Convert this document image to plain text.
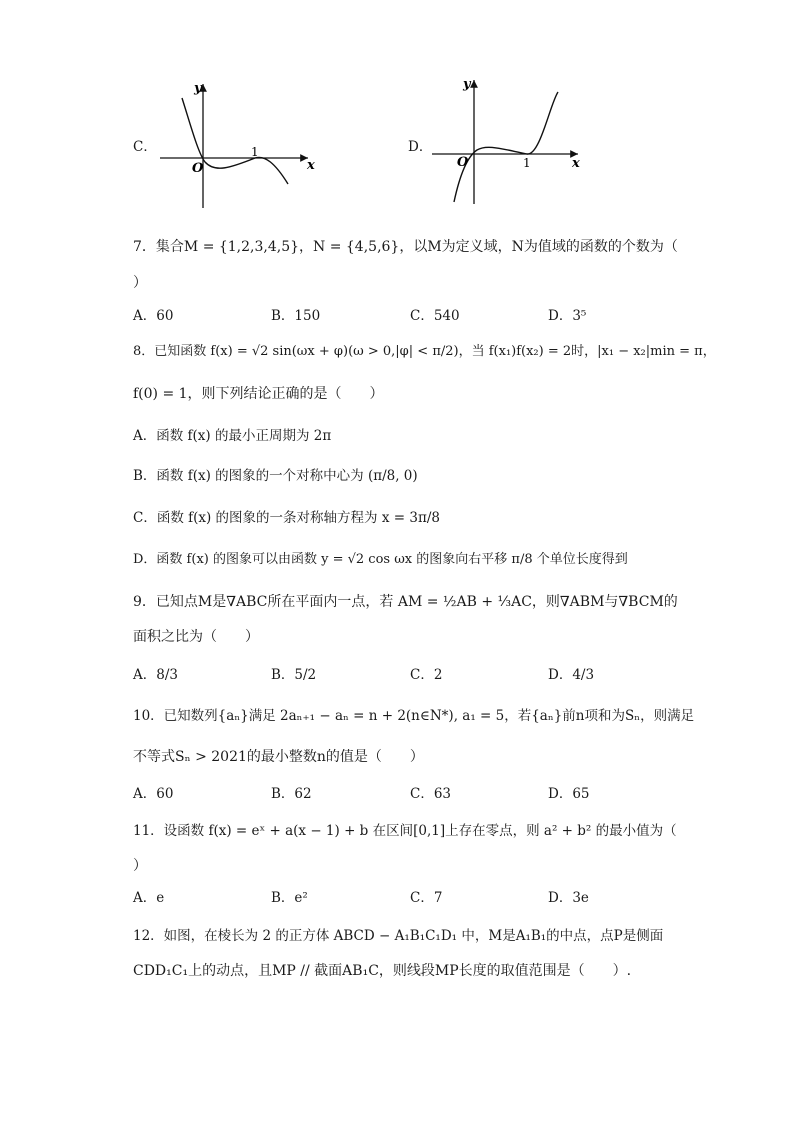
C．
y
x
O
1	D．
y
x
O	1
7．集合M = {1,2,3,4,5}，N = {4,5,6}，以M为定义域，N为值域的函数的个数为（
）
A．60	B．150	C．540	D．3⁵
8．已知函数 f(x) = √2 sin(ωx + φ)(ω > 0,|φ| < π/2)，当 f(x₁)f(x₂) = 2时，|x₁ − x₂|min = π，
f(0) = 1，则下列结论正确的是（　　）
A．函数 f(x) 的最小正周期为 2π
B．函数 f(x) 的图象的一个对称中心为 (π/8, 0)
C．函数 f(x) 的图象的一条对称轴方程为 x = 3π/8
D．函数 f(x) 的图象可以由函数 y = √2 cos ωx 的图象向右平移 π/8 个单位长度得到
9．已知点M是∇ABC所在平面内一点，若 AM = ½AB + ⅓AC，则∇ABM与∇BCM的
面积之比为（　　）
A．8/3	B．5/2	C．2	D．4/3
10．已知数列{aₙ}满足 2aₙ₊₁ − aₙ = n + 2(n∈N*), a₁ = 5，若{aₙ}前n项和为Sₙ，则满足
不等式Sₙ > 2021的最小整数n的值是（　　）
A．60	B．62	C．63	D．65
11．设函数 f(x) = eˣ + a(x − 1) + b 在区间[0,1]上存在零点，则 a² + b² 的最小值为（
）
A．e	B．e²	C．7	D．3e
12．如图，在棱长为 2 的正方体 ABCD − A₁B₁C₁D₁ 中，M是A₁B₁的中点，点P是侧面
CDD₁C₁上的动点，且MP // 截面AB₁C，则线段MP长度的取值范围是（　　）.
